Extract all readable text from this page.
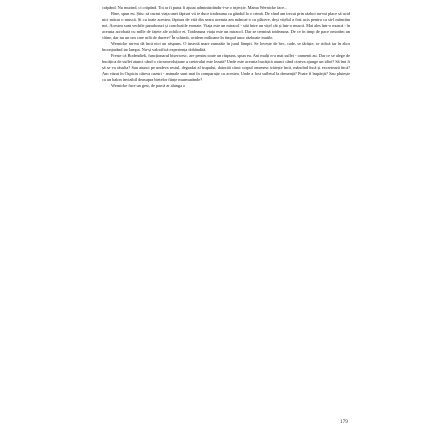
crăpând. Nu murind, ci crăpând. Tot ar fi putut fi ajutat administrându-i-se o injecție. Mama Wernicke face...

Bine, spun eu. Știu: să curmi viața unei făpturi vii te duce totdeauna cu gândul la o crimă. De când am trecut prin război nu-mi place să ucid nici măcar o muscă. Și cu toate acestea, făptura de vită din seara aceasta am mâncat-o cu plăcere, deși vițelul a fost ucis pentru ca să-l mâncăm noi. Acestea sunt vechile paradoxuri și concluziile eronate. Viața este un miracol - stăi între un vițel cât și într-o muscă. Mai ales într-o muscă - în aceasta acrobată cu mille de fațete ale ochilor ei. Totdeauna viața este un miracol. Dar se termină totdeauna. De ce în timp de pace omorâm un câine, dar nu un om care urlă de durere? În schimb, ucidem milioane în timpul unor războaie inutile.

Wernicke nu-mi dă încă nici un răspuns. O insectă mare zumzăie în jurul lămpii. Se lovește de bec, cade, se târăște, se ridică iar în zbor înconjurând iar lampa. Nu-și valorifică experiența dobândită.

Freste că Bodendiek, funcționarul bisericesc, are pentru toate un răspuns, spun eu. Ani mulți n-a mai suflet - oamenii au. Dar ce se alege de bucățica de suflet atunci când o circumvoluțiune a creierului este lezată? Unde este aceasta bucățică atunci când cineva ajunge un idiot? Să îmi fi să se va răsulta? Sau atunci pe undeva restul, degradat al trupului, datorită cărui corpul omenesc trăiește încă, mâncînd încă și excretează încă? Am văzut în Ospiciu câteva cazuri - animale sunt mai în comparație cu acestea. Unde a fost sufletul la demență? Poate fi împărțit? Sau plutește ca un balon invizibil deasupra bietelor ființe murmurânde?

Wernicke face un gest, de parcă ar alunga o

179
